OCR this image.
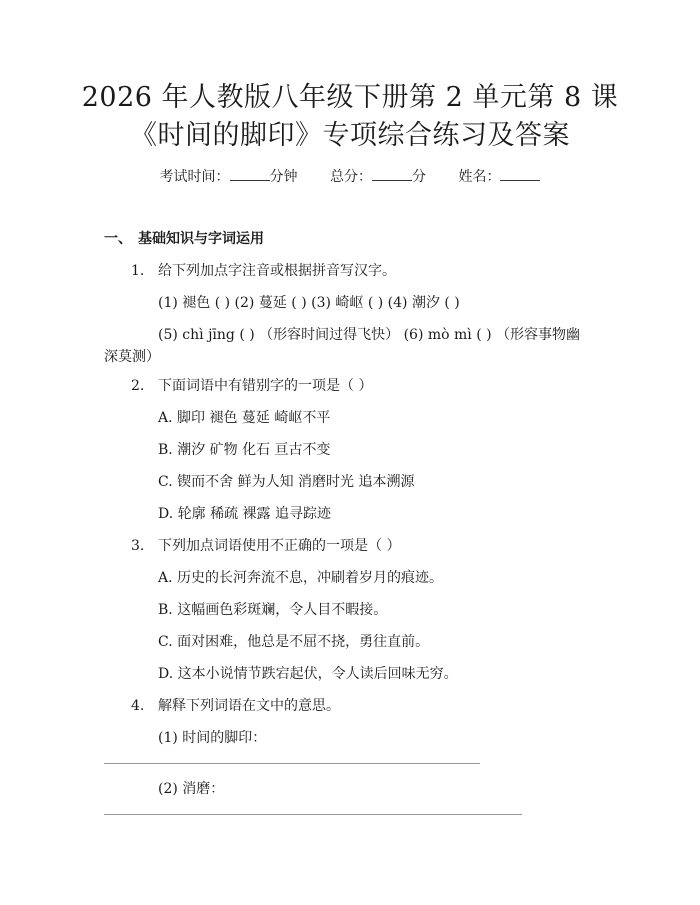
2026 年人教版八年级下册第 2 单元第 8 课
《时间的脚印》专项综合练习及答案
考试时间：	分钟 总分：	分 姓名：
一、 基础知识与字词运用
1. 给下列加点字注音或根据拼音写汉字。
(1) 褪色 ( ) (2) 蔓延 ( ) (3) 崎岖 ( ) (4) 潮汐 ( )
(5) chì jīng ( ) （形容时间过得飞快） (6) mò mì ( ) （形容事物幽
深莫测）
2. 下面词语中有错别字的一项是（ ）
A. 脚印 褪色 蔓延 崎岖不平
B. 潮汐 矿物 化石 亘古不变
C. 锲而不舍 鲜为人知 消磨时光 追本溯源
D. 轮廓 稀疏 裸露 追寻踪迹
3. 下列加点词语使用不正确的一项是（ ）
A. 历史的长河奔流不息，冲刷着岁月的痕迹。
B. 这幅画色彩斑斓，令人目不暇接。
C. 面对困难，他总是不屈不挠，勇往直前。
D. 这本小说情节跌宕起伏，令人读后回味无穷。
4. 解释下列词语在文中的意思。
(1) 时间的脚印：
(2) 消磨：
